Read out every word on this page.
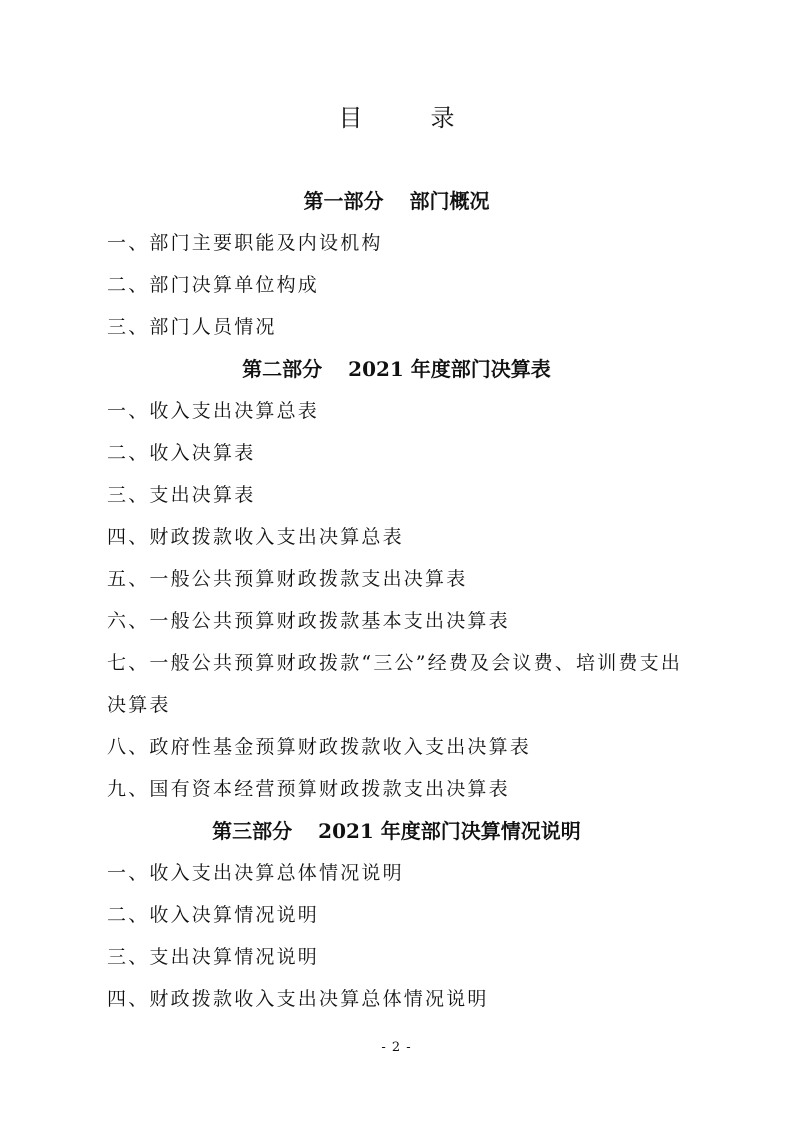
目　录
第一部分 部门概况
一、部门主要职能及内设机构
二、部门决算单位构成
三、部门人员情况
第二部分 2021 年度部门决算表
一、收入支出决算总表
二、收入决算表
三、支出决算表
四、财政拨款收入支出决算总表
五、一般公共预算财政拨款支出决算表
六、一般公共预算财政拨款基本支出决算表
七、一般公共预算财政拨款“三公”经费及会议费、培训费支出
决算表
八、政府性基金预算财政拨款收入支出决算表
九、国有资本经营预算财政拨款支出决算表
第三部分 2021 年度部门决算情况说明
一、收入支出决算总体情况说明
二、收入决算情况说明
三、支出决算情况说明
四、财政拨款收入支出决算总体情况说明
- 2 -
